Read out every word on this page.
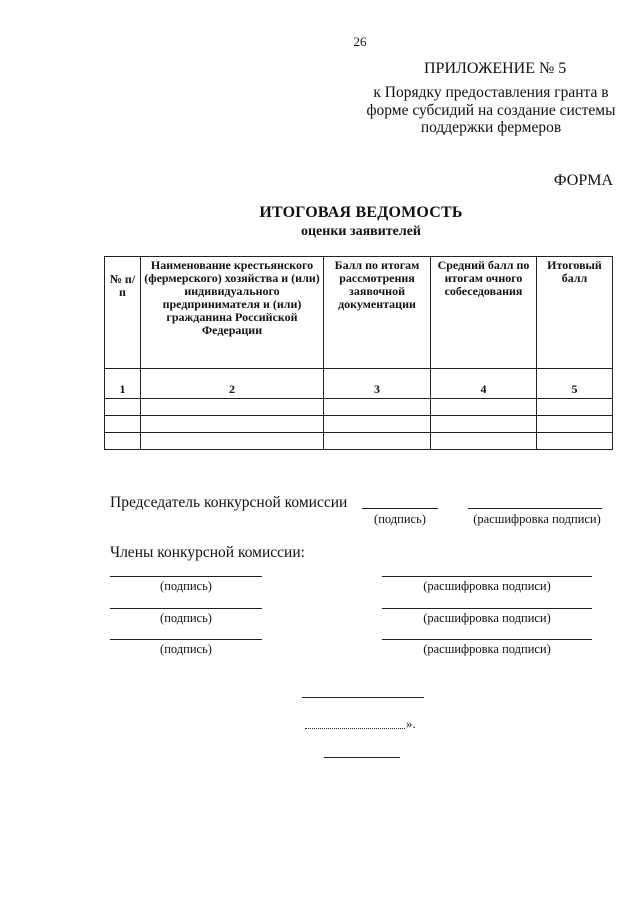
26
ПРИЛОЖЕНИЕ № 5
к Порядку предоставления гранта в
форме субсидий на создание системы
поддержки фермеров
ФОРМА
ИТОГОВАЯ ВЕДОМОСТЬ
оценки заявителей
№ п/п	Наименование крестьянского (фермерского) хозяйства и (или) индивидуального предпринимателя и (или) гражданина Российской Федерации	Балл по итогам рассмотрения заявочной документации	Средний балл по итогам очного собеседования	Итоговый балл
1	2	3	4	5

Председатель конкурсной комиссии
(подпись)	(расшифровка подписи)
Члены конкурсной комиссии:
(подпись)	(расшифровка подписи)
(подпись)	(расшифровка подписи)
(подпись)	(расшифровка подписи)
».
